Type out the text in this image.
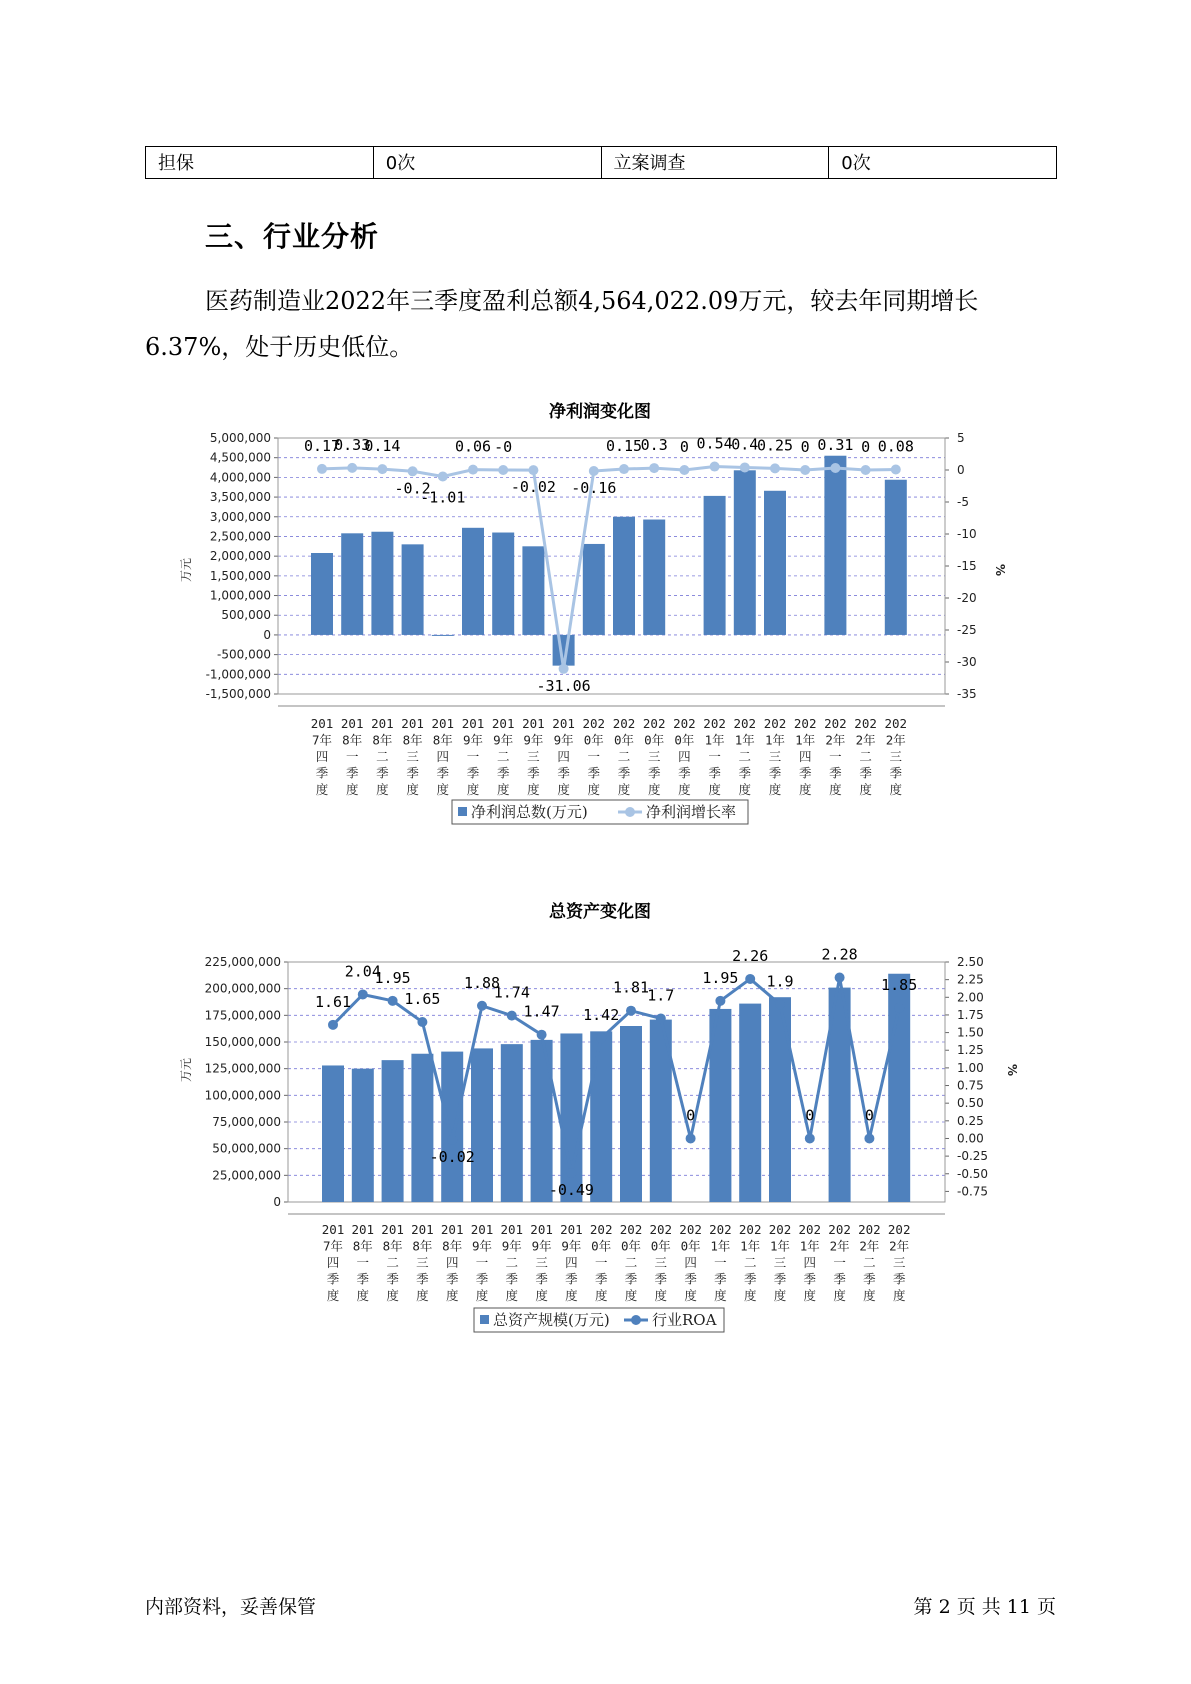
担保	0次	立案调查	0次
三、行业分析
医药制造业2022年三季度盈利总额4,564,022.09万元，较去年同期增长6.37%，处于历史低位。
净利润变化图
5,000,000
4,500,000
4,000,000
3,500,000
3,000,000
2,500,000
2,000,000
1,500,000
1,000,000
500,000
0
-500,000
-1,000,000
-1,500,000
5
0
-5
-10
-15
-20
-25
-30
-35
万元	%
0.17
0.33
0.14
-0.2
-1.01
0.06 -0
-0.02
-31.06
-0.16
0.15
0.3 0 0.54
0.4
0.25 0 0.31 0 0.08
201
7年
四
季
度
201
8年
一
季
度
201
8年
二
季
度
201
8年
三
季
度
201
8年
四
季
度
201
9年
一
季
度
201
9年
二
季
度
201
9年
三
季
度
201
9年
四
季
度
202
0年
一
季
度
202
0年
二
季
度
202
0年
三
季
度
202
0年
四
季
度
202
1年
一
季
度
202
1年
二
季
度
202
1年
三
季
度
202
1年
四
季
度
202
2年
一
季
度
202
2年
二
季
度
202
2年
三
季
度
净利润总数(万元)	净利润增长率
总资产变化图
225,000,000
200,000,000
175,000,000
150,000,000
125,000,000
100,000,000
75,000,000
50,000,000
25,000,000
0
2.50
2.25
2.00
1.75
1.50
1.25
1.00
0.75
0.50
0.25
0.00
-0.25
-0.50
-0.75
万元	%
1.61
2.04
1.95
1.65
-0.02
1.88
1.74
1.47
-0.49
1.42
1.81
1.7
0
1.95
2.26
1.9
0
2.28
0
1.85
201
7年
四
季
度
201
8年
一
季
度
201
8年
二
季
度
201
8年
三
季
度
201
8年
四
季
度
201
9年
一
季
度
201
9年
二
季
度
201
9年
三
季
度
201
9年
四
季
度
202
0年
一
季
度
202
0年
二
季
度
202
0年
三
季
度
202
0年
四
季
度
202
1年
一
季
度
202
1年
二
季
度
202
1年
三
季
度
202
1年
四
季
度
202
2年
一
季
度
202
2年
二
季
度
202
2年
三
季
度
总资产规模(万元)	行业ROA
内部资料，妥善保管	第 2 页 共 11 页
